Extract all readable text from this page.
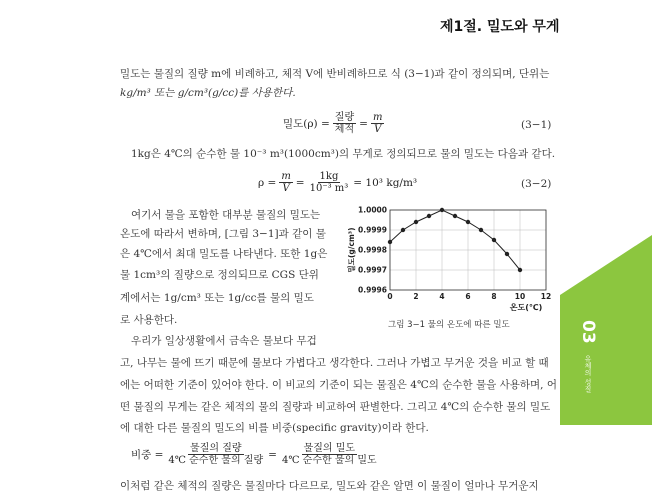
제1절. 밀도와 무게
밀도는 물질의 질량 m에 비례하고, 체적 V에 반비례하므로 식 (3−1)과 같이 정의되며, 단위는
kg/m³ 또는 g/cm³(g/cc)를 사용한다.
밀도$(\rho) = \frac{\text{질량}}{\text{체적}} = \frac{m}{V}$	(3−1)
1kg은 4℃의 순수한 물 10⁻³ m³(1000cm³)의 무게로 정의되므로 물의 밀도는 다음과 같다.
$\rho = \frac{m}{V} = \frac{1kg}{\text{10⁻³ m³}} = 10^3$ kg/m³	(3−2)
여기서 물을 포함한 대부분 물질의 밀도는
온도에 따라서 변하며, [그림 3−1]과 같이 물
은 4℃에서 최대 밀도를 나타낸다. 또한 1g은
물 1cm³의 질량으로 정의되므로 CGS 단위
계에서는 1g/cm³ 또는 1g/cc를 물의 밀도
로 사용한다.
우리가 일상생활에서 금속은 물보다 무겁
0	2	4	6	8 10 12
0.9996
0.9997
0.9998
0.9999
1.0000
온도(℃)
밀도(g/cm³)
그림 3−1 물의 온도에 따른 밀도
고, 나무는 물에 뜨기 때문에 물보다 가볍다고 생각한다. 그러나 가볍고 무거운 것을 비교 할 때
에는 어떠한 기준이 있어야 한다. 이 비교의 기준이 되는 물질은 4℃의 순수한 물을 사용하며, 어
떤 물질의 무게는 같은 체적의 물의 질량과 비교하여 판별한다. 그리고 4℃의 순수한 물의 밀도
에 대한 다른 물질의 밀도의 비를 비중(specific gravity)이라 한다.
비중 = $\frac{\text{물질의 질량}}{\text{4℃ 순수한 물의 질량}} = \frac{\text{물질의 밀도}}{\text{4℃ 순수한 물의 밀도}}$
이처럼 같은 체적의 질량은 물질마다 다르므로, 밀도와 같은 알면 이 물질이 얼마나 무거운지
03 유체의 성질
